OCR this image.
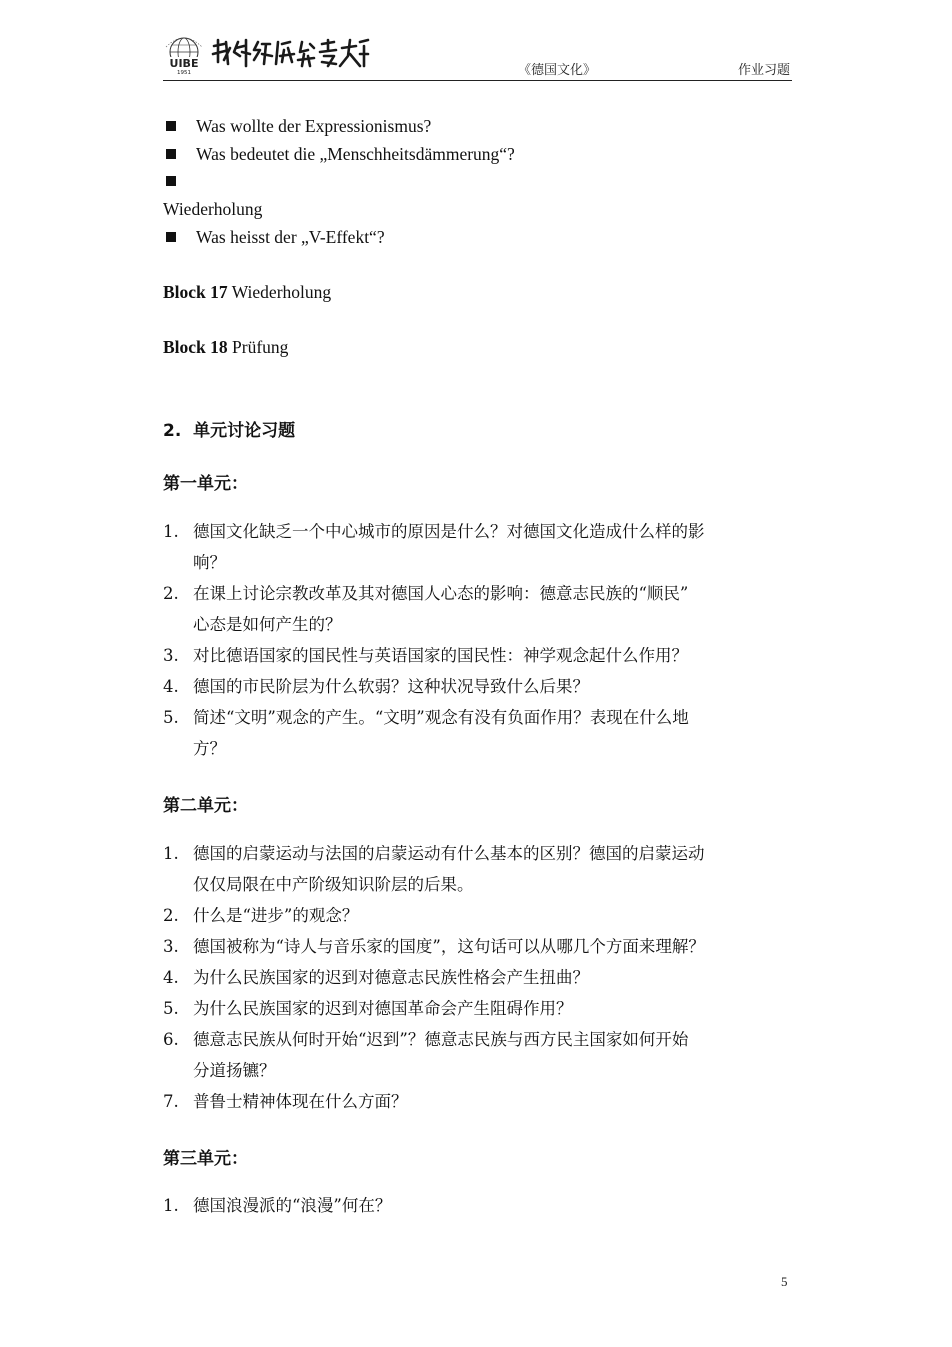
UIBE
1951	《德国文化》	作业习题
Was wollte der Expressionismus?
Was bedeutet die „Menschheitsdämmerung“?
Wiederholung
Was heisst der „V-Effekt“?
Block 17 Wiederholung
Block 18 Prüfung
2.  单元讨论习题
第一单元：
1. 德国文化缺乏一个中心城市的原因是什么？对德国文化造成什么样的影
响？
2. 在课上讨论宗教改革及其对德国人心态的影响：德意志民族的“顺民”
心态是如何产生的？
3. 对比德语国家的国民性与英语国家的国民性：神学观念起什么作用？
4. 德国的市民阶层为什么软弱？这种状况导致什么后果？
5. 简述“文明”观念的产生。“文明”观念有没有负面作用？表现在什么地
方？
第二单元：
1. 德国的启蒙运动与法国的启蒙运动有什么基本的区别？德国的启蒙运动
仅仅局限在中产阶级知识阶层的后果。
2. 什么是“进步”的观念？
3. 德国被称为“诗人与音乐家的国度”，这句话可以从哪几个方面来理解？
4. 为什么民族国家的迟到对德意志民族性格会产生扭曲？
5. 为什么民族国家的迟到对德国革命会产生阻碍作用？
6. 德意志民族从何时开始“迟到”？德意志民族与西方民主国家如何开始
分道扬镳？
7. 普鲁士精神体现在什么方面？
第三单元：
1. 德国浪漫派的“浪漫”何在？
5
